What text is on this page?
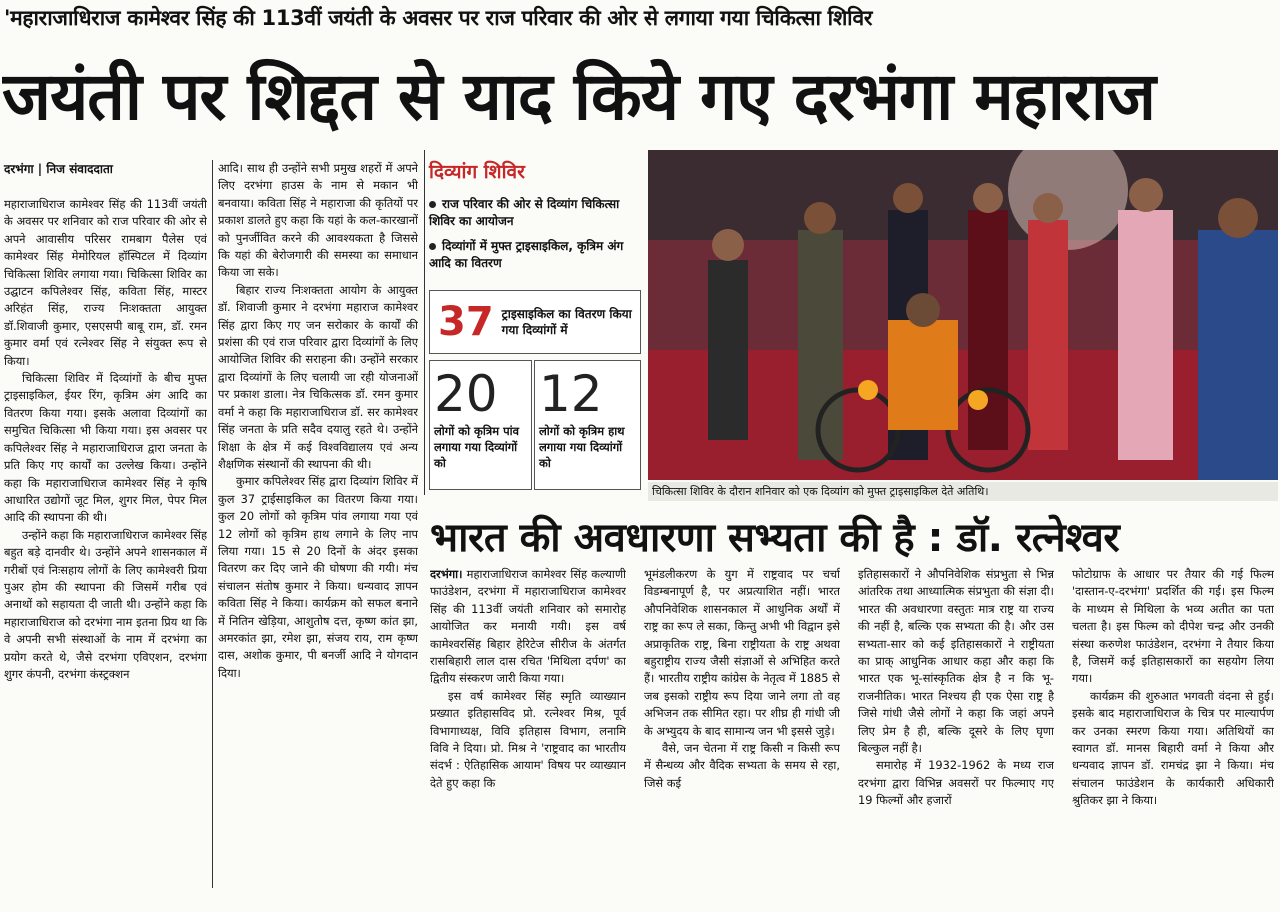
'महाराजाधिराज कामेश्वर सिंह की 113वीं जयंती के अवसर पर राज परिवार की ओर से लगाया गया चिकित्सा शिविर
जयंती पर शिद्दत से याद किये गए दरभंगा महाराज
दरभंगा | निज संवाददाता

महाराजाधिराज कामेश्वर सिंह की 113वीं जयंती के अवसर पर शनिवार को राज परिवार की ओर से अपने आवासीय परिसर रामबाग पैलेस एवं कामेश्वर सिंह मेमोरियल हॉस्पिटल में दिव्यांग चिकित्सा शिविर लगाया गया। चिकित्सा शिविर का उद्घाटन कपिलेश्वर सिंह, कविता सिंह, मास्टर अरिहंत सिंह, राज्य निःशक्तता आयुक्त डॉ.शिवाजी कुमार, एसएसपी बाबू राम, डॉ. रमन कुमार वर्मा एवं रत्नेश्वर सिंह ने संयुक्त रूप से किया।

चिकित्सा शिविर में दिव्यांगों के बीच मुफ्त ट्राइसाइकिल, ईयर रिंग, कृत्रिम अंग आदि का वितरण किया गया। इसके अलावा दिव्यांगों का समुचित चिकित्सा भी किया गया। इस अवसर पर कपिलेश्वर सिंह ने महाराजाधिराज द्वारा जनता के प्रति किए गए कार्यों का उल्लेख किया। उन्होंने कहा कि महाराजाधिराज कामेश्वर सिंह ने कृषि आधारित उद्योगों जूट मिल, शुगर मिल, पेपर मिल आदि की स्थापना की थी।

उन्होंने कहा कि महाराजाधिराज कामेश्वर सिंह बहुत बड़े दानवीर थे। उन्होंने अपने शासनकाल में गरीबों एवं निःसहाय लोगों के लिए कामेश्वरी प्रिया पुअर होम की स्थापना की जिसमें गरीब एवं अनाथों को सहायता दी जाती थी। उन्होंने कहा कि महाराजाधिराज को दरभंगा नाम इतना प्रिय था कि वे अपनी सभी संस्थाओं के नाम में दरभंगा का प्रयोग करते थे, जैसे दरभंगा एविएशन, दरभंगा शुगर कंपनी, दरभंगा कंस्ट्रक्शन

आदि। साथ ही उन्होंने सभी प्रमुख शहरों में अपने लिए दरभंगा हाउस के नाम से मकान भी बनवाया। कविता सिंह ने महाराजा की कृतियों पर प्रकाश डालते हुए कहा कि यहां के कल-कारखानों को पुनर्जीवित करने की आवश्यकता है जिससे कि यहां की बेरोजगारी की समस्या का समाधान किया जा सके।

बिहार राज्य निःशक्तता आयोग के आयुक्त डॉ. शिवाजी कुमार ने दरभंगा महाराज कामेश्वर सिंह द्वारा किए गए जन सरोकार के कार्यों की प्रशंसा की एवं राज परिवार द्वारा दिव्यांगों के लिए आयोजित शिविर की सराहना की। उन्होंने सरकार द्वारा दिव्यांगों के लिए चलायी जा रही योजनाओं पर प्रकाश डाला। नेत्र चिकित्सक डॉ. रमन कुमार वर्मा ने कहा कि महाराजाधिराज डॉ. सर कामेश्वर सिंह जनता के प्रति सदैव दयालु रहते थे। उन्होंने शिक्षा के क्षेत्र में कई विश्वविद्यालय एवं अन्य शैक्षणिक संस्थानों की स्थापना की थी।

कुमार कपिलेश्वर सिंह द्वारा दिव्यांग शिविर में कुल 37 ट्राईसाइकिल का वितरण किया गया। कुल 20 लोगों को कृत्रिम पांव लगाया गया एवं 12 लोगों को कृत्रिम हाथ लगाने के लिए नाप लिया गया। 15 से 20 दिनों के अंदर इसका वितरण कर दिए जाने की घोषणा की गयी। मंच संचालन संतोष कुमार ने किया। धन्यवाद ज्ञापन कविता सिंह ने किया। कार्यक्रम को सफल बनाने में नितिन खेड़िया, आशुतोष दत्त, कृष्ण कांत झा, अमरकांत झा, रमेश झा, संजय राय, राम कृष्ण दास, अशोक कुमार, पी बनर्जी आदि ने योगदान दिया।

दिव्यांग शिविर
राज परिवार की ओर से दिव्यांग चिकित्सा शिविर का आयोजन
दिव्यांगों में मुफ्त ट्राइसाइकिल, कृत्रिम अंग आदि का वितरण
37 ट्राइसाइकिल का वितरण किया गया दिव्यांगों में
20
लोगों को कृत्रिम पांव लगाया गया दिव्यांगों को
12
लोगों को कृत्रिम हाथ लगाया गया दिव्यांगों को
चिकित्सा शिविर के दौरान शनिवार को एक दिव्यांग को मुफ्त ट्राइसाइकिल देते अतिथि।
भारत की अवधारणा सभ्यता की है : डॉ. रत्नेश्वर

दरभंगा। महाराजाधिराज कामेश्वर सिंह कल्याणी फाउंडेशन, दरभंगा में महाराजाधिराज कामेश्वर सिंह की 113वीं जयंती शनिवार को समारोह आयोजित कर मनायी गयी। इस वर्ष कामेश्वरसिंह बिहार हेरिटेज सीरीज के अंतर्गत रासबिहारी लाल दास रचित 'मिथिला दर्पण' का द्वितीय संस्करण जारी किया गया।

इस वर्ष कामेश्वर सिंह स्मृति व्याख्यान प्रख्यात इतिहासविद प्रो. रत्नेश्वर मिश्र, पूर्व विभागाध्यक्ष, विवि इतिहास विभाग, लनामि विवि ने दिया। प्रो. मिश्र ने 'राष्ट्रवाद का भारतीय संदर्भ : ऐतिहासिक आयाम' विषय पर व्याख्यान देते हुए कहा कि

भूमंडलीकरण के युग में राष्ट्रवाद पर चर्चा विडम्बनापूर्ण है, पर अप्रत्याशित नहीं। भारत औपनिवेशिक शासनकाल में आधुनिक अर्थों में राष्ट्र का रूप ले सका, किन्तु अभी भी विद्वान इसे अप्राकृतिक राष्ट्र, बिना राष्ट्रीयता के राष्ट्र अथवा बहुराष्ट्रीय राज्य जैसी संज्ञाओं से अभिहित करते हैं। भारतीय राष्ट्रीय कांग्रेस के नेतृत्व में 1885 से जब इसको राष्ट्रीय रूप दिया जाने लगा तो वह अभिजन तक सीमित रहा। पर शीघ्र ही गांधी जी के अभ्युदय के बाद सामान्य जन भी इससे जुड़े।

वैसे, जन चेतना में राष्ट्र किसी न किसी रूप में सैन्धव्य और वैदिक सभ्यता के समय से रहा, जिसे कई

इतिहासकारों ने औपनिवेशिक संप्रभुता से भिन्न आंतरिक तथा आध्यात्मिक संप्रभुता की संज्ञा दी। भारत की अवधारणा वस्तुतः मात्र राष्ट्र या राज्य की नहीं है, बल्कि एक सभ्यता की है। और उस सभ्यता-सार को कई इतिहासकारों ने राष्ट्रीयता का प्राक् आधुनिक आधार कहा और कहा कि भारत एक भू-सांस्कृतिक क्षेत्र है न कि भू-राजनीतिक। भारत निश्चय ही एक ऐसा राष्ट्र है जिसे गांधी जैसे लोगों ने कहा कि जहां अपने लिए प्रेम है ही, बल्कि दूसरे के लिए घृणा बिल्कुल नहीं है।

समारोह में 1932-1962 के मध्य राज दरभंगा द्वारा विभिन्न अवसरों पर फिल्माए गए 19 फिल्मों और हजारों

फोटोग्राफ के आधार पर तैयार की गई फिल्म 'दास्तान-ए-दरभंगा' प्रदर्शित की गई। इस फिल्म के माध्यम से मिथिला के भव्य अतीत का पता चलता है। इस फिल्म को दीपेश चन्द्र और उनकी संस्था करुणेश फाउंडेशन, दरभंगा ने तैयार किया है, जिसमें कई इतिहासकारों का सहयोग लिया गया।

कार्यक्रम की शुरुआत भगवती वंदना से हुई। इसके बाद महाराजाधिराज के चित्र पर माल्यार्पण कर उनका स्मरण किया गया। अतिथियों का स्वागत डॉ. मानस बिहारी वर्मा ने किया और धन्यवाद ज्ञापन डॉ. रामचंद्र झा ने किया। मंच संचालन फाउंडेशन के कार्यकारी अधिकारी श्रुतिकर झा ने किया।
